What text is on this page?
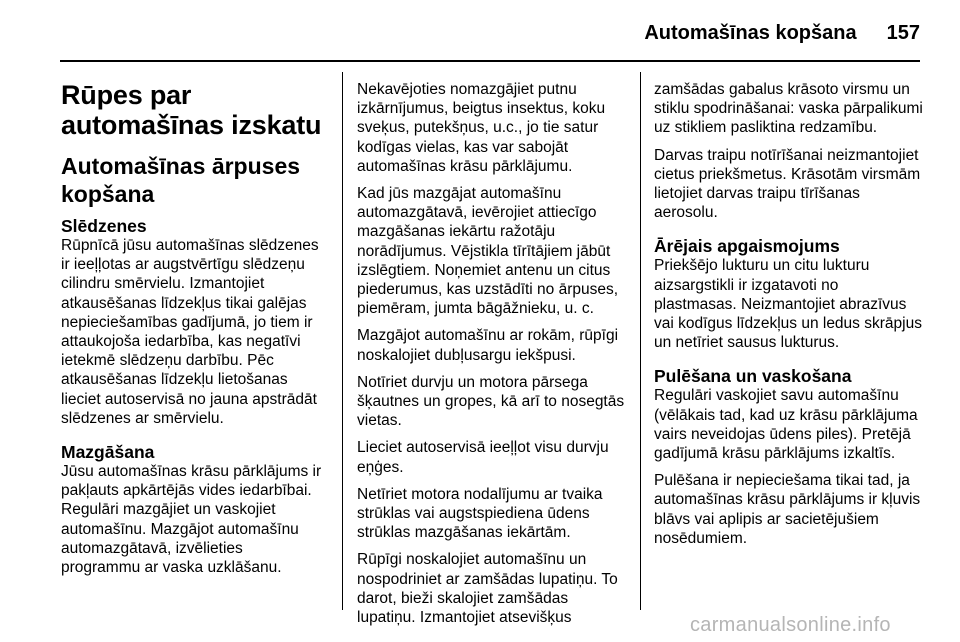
Automašīnas kopšana 157
Rūpes par automašīnas izskatu
Automašīnas ārpuses kopšana
Slēdzenes

Rūpnīcā jūsu automašīnas slēdzenes ir ieeļļotas ar augstvērtīgu slēdzeņu cilindru smērvielu. Izmantojiet atkausēšanas līdzekļus tikai galējas nepieciešamības gadījumā, jo tiem ir attaukojoša iedarbība, kas negatīvi ietekmē slēdzeņu darbību. Pēc atkausēšanas līdzekļu lietošanas lieciet autoservisā no jauna apstrādāt slēdzenes ar smērvielu.

Mazgāšana

Jūsu automašīnas krāsu pārklājums ir pakļauts apkārtējās vides iedarbībai. Regulāri mazgājiet un vaskojiet automašīnu. Mazgājot automašīnu automazgātavā, izvēlieties programmu ar vaska uzklāšanu.

Nekavējoties nomazgājiet putnu izkārnījumus, beigtus insektus, koku sveķus, putekšņus, u.c., jo tie satur kodīgas vielas, kas var sabojāt automašīnas krāsu pārklājumu.

Kad jūs mazgājat automašīnu automazgātavā, ievērojiet attiecīgo mazgāšanas iekārtu ražotāju norādījumus. Vējstikla tīrītājiem jābūt izslēgtiem. Noņemiet antenu un citus piederumus, kas uzstādīti no ārpuses, piemēram, jumta bāgāžnieku, u. c.

Mazgājot automašīnu ar rokām, rūpīgi noskalojiet dubļusargu iekšpusi.

Notīriet durvju un motora pārsega šķautnes un gropes, kā arī to nosegtās vietas.

Lieciet autoservisā ieeļļot visu durvju eņģes.

Netīriet motora nodalījumu ar tvaika strūklas vai augstspiediena ūdens strūklas mazgāšanas iekārtām.

Rūpīgi noskalojiet automašīnu un nospodriniet ar zamšādas lupatiņu. To darot, bieži skalojiet zamšādas lupatiņu. Izmantojiet atsevišķus

zamšādas gabalus krāsoto virsmu un stiklu spodrināšanai: vaska pārpalikumi uz stikliem pasliktina redzamību.

Darvas traipu notīrīšanai neizmantojiet cietus priekšmetus. Krāsotām virsmām lietojiet darvas traipu tīrīšanas aerosolu.

Ārējais apgaismojums

Priekšējo lukturu un citu lukturu aizsargstikli ir izgatavoti no plastmasas. Neizmantojiet abrazīvus vai kodīgus līdzekļus un ledus skrāpjus un netīriet sausus lukturus.

Pulēšana un vaskošana

Regulāri vaskojiet savu automašīnu (vēlākais tad, kad uz krāsu pārklājuma vairs neveidojas ūdens piles). Pretējā gadījumā krāsu pārklājums izkaltīs.

Pulēšana ir nepieciešama tikai tad, ja automašīnas krāsu pārklājums ir kļuvis blāvs vai aplipis ar sacietējušiem nosēdumiem.

carmanualsonline.info
